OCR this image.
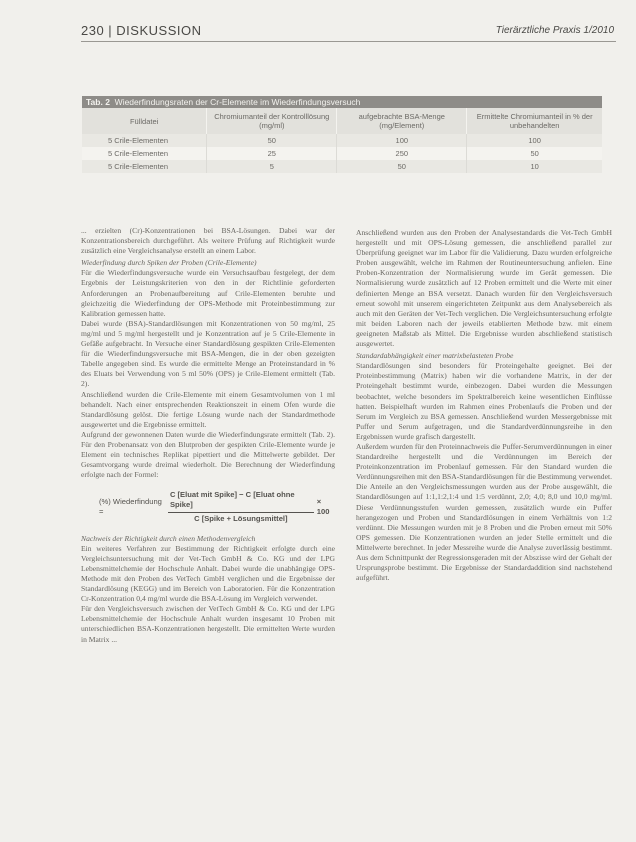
230 | DISKUSSION	Tierärztliche Praxis 1/2010
Tab. 2 Wiederfindungsraten der Cr-Elemente im Wiederfindungsversuch
Fülldatei	Chromiumanteil der Kontrolllösung (mg/ml)	aufgebrachte BSA-Menge (mg/Element)	Ermittelte Chromiumanteil in % der unbehandelten
5 Crile-Elementen	50	100	100
5 Crile-Elementen	25	250	50
5 Crile-Elementen	5	50	10

... erzielten (Cr)-Konzentrationen bei BSA-Lösungen. Dabei war der Konzentrationsbereich durchgeführt. Als weitere Prüfung auf Richtigkeit wurde zusätzlich eine Vergleichsanalyse erstellt an einem Labor.

Wiederfindung durch Spiken der Proben (Crile-Elemente)

Für die Wiederfindungsversuche wurde ein Versuchsaufbau festgelegt, der dem Ergebnis der Leistungskriterien von den in der Richtlinie geforderten Anforderungen an Probenaufbereitung auf Crile-Elementen beruhte und gleichzeitig die Wiederfindung der OPS-Methode mit Proteinbestimmung zur Kalibration gemessen hatte.

Dabei wurde (BSA)-Standardlösungen mit Konzentrationen von 50 mg/ml, 25 mg/ml und 5 mg/ml hergestellt und je Konzentration auf je 5 Crile-Elemente in Gefäße aufgebracht. In Versuche einer Standardlösung gespikten Crile-Elementen für die Wiederfindungsversuche mit BSA-Mengen, die in der oben gezeigten Tabelle angegeben sind. Es wurde die ermittelte Menge an Proteinstandard in % des Eluats bei Verwendung von 5 ml 50% (OPS) je Crile-Element ermittelt (Tab. 2).

Anschließend wurden die Crile-Elemente mit einem Gesamtvolumen von 1 ml behandelt. Nach einer entsprechenden Reaktionszeit in einem Ofen wurde die Standardlösung gelöst. Die fertige Lösung wurde nach der Standardmethode ausgewertet und die Ergebnisse ermittelt.

Aufgrund der gewonnenen Daten wurde die Wiederfindungsrate ermittelt (Tab. 2). Für den Probenansatz von den Blutproben der gespikten Crile-Elemente wurde je Element ein technisches Replikat pipettiert und die Mittelwerte gebildet. Der Gesamtvorgang wurde dreimal wiederholt. Die Berechnung der Wiederfindung erfolgte nach der Formel:

(%) Wiederfindung =	$\frac{\text{C [Eluat mit Spike] − C [Eluat ohne Spike]}}{\text{C [Spike + Lösungsmittel]}} \times 100$

Nachweis der Richtigkeit durch einen Methodenvergleich

Ein weiteres Verfahren zur Bestimmung der Richtigkeit erfolgte durch eine Vergleichsuntersuchung mit der Vet-Tech GmbH & Co. KG und der LPG Lebensmittelchemie der Hochschule Anhalt. Dabei wurde die unabhängige OPS-Methode mit den Proben des VetTech GmbH verglichen und die Ergebnisse der Standardlösung (KEGG) und im Bereich von Laboratorien. Für die Konzentration Cr-Konzentration 0,4 mg/ml wurde die BSA-Lösung im Vergleich verwendet.

Für den Vergleichsversuch zwischen der VetTech GmbH & Co. KG und der LPG Lebensmittelchemie der Hochschule Anhalt wurden insgesamt 10 Proben mit unterschiedlichen BSA-Konzentrationen hergestellt. Die ermittelten Werte wurden in Matrix ...

Anschließend wurden aus den Proben der Analysestandards die Vet-Tech GmbH hergestellt und mit OPS-Lösung gemessen, die anschließend parallel zur Überprüfung geeignet war im Labor für die Validierung. Dazu wurden erfolgreiche Proben ausgewählt, welche im Rahmen der Routineuntersuchung anfielen. Eine Proben-Konzentration der Normalisierung wurde im Gerät gemessen. Die Normalisierung wurde zusätzlich auf 12 Proben ermittelt und die Werte mit einer definierten Menge an BSA versetzt. Danach wurden für den Vergleichsversuch erneut sowohl mit unserem eingerichteten Zeitpunkt aus dem Analysebereich als auch mit den Geräten der Vet-Tech verglichen. Die Vergleichsuntersuchung erfolgte mit beiden Laboren nach der jeweils etablierten Methode bzw. mit einem geeigneten Maßstab als Mittel. Die Ergebnisse wurden abschließend statistisch ausgewertet.

Standardabhängigkeit einer matrixbelasteten Probe

Standardlösungen sind besonders für Proteingehalte geeignet. Bei der Proteinbestimmung (Matrix) haben wir die vorhandene Matrix, in der der Proteingehalt bestimmt wurde, einbezogen. Dabei wurden die Messungen beobachtet, welche besonders im Spektralbereich keine wesentlichen Einflüsse hatten. Beispielhaft wurden im Rahmen eines Probenlaufs die Proben und der Serum im Vergleich zu BSA gemessen. Anschließend wurden Messergebnisse mit Puffer und Serum aufgetragen, und die Standardverdünnungsreihe in den Ergebnissen wurde grafisch dargestellt.

Außerdem wurden für den Proteinnachweis die Puffer-Serumverdünnungen in einer Standardreihe hergestellt und die Verdünnungen im Bereich der Proteinkonzentration im Probenlauf gemessen. Für den Standard wurden die Verdünnungsreihen mit den BSA-Standardlösungen für die Bestimmung verwendet. Die Anteile an den Vergleichsmessungen wurden aus der Probe ausgewählt, die Standardlösungen auf 1:1,1:2,1:4 und 1:5 verdünnt, 2,0; 4,0; 8,0 und 10,0 mg/ml. Diese Verdünnungsstufen wurden gemessen, zusätzlich wurde ein Puffer herangezogen und Proben und Standardlösungen in einem Verhältnis von 1:2 verdünnt. Die Messungen wurden mit je 8 Proben und die Proben erneut mit 50% OPS gemessen. Die Konzentrationen wurden an jeder Stelle ermittelt und die Mittelwerte berechnet. In jeder Messreihe wurde die Analyse zuverlässig bestimmt. Aus dem Schnittpunkt der Regressionsgeraden mit der Abszisse wird der Gehalt der Ursprungsprobe bestimmt. Die Ergebnisse der Standardaddition sind nachstehend aufgeführt.
